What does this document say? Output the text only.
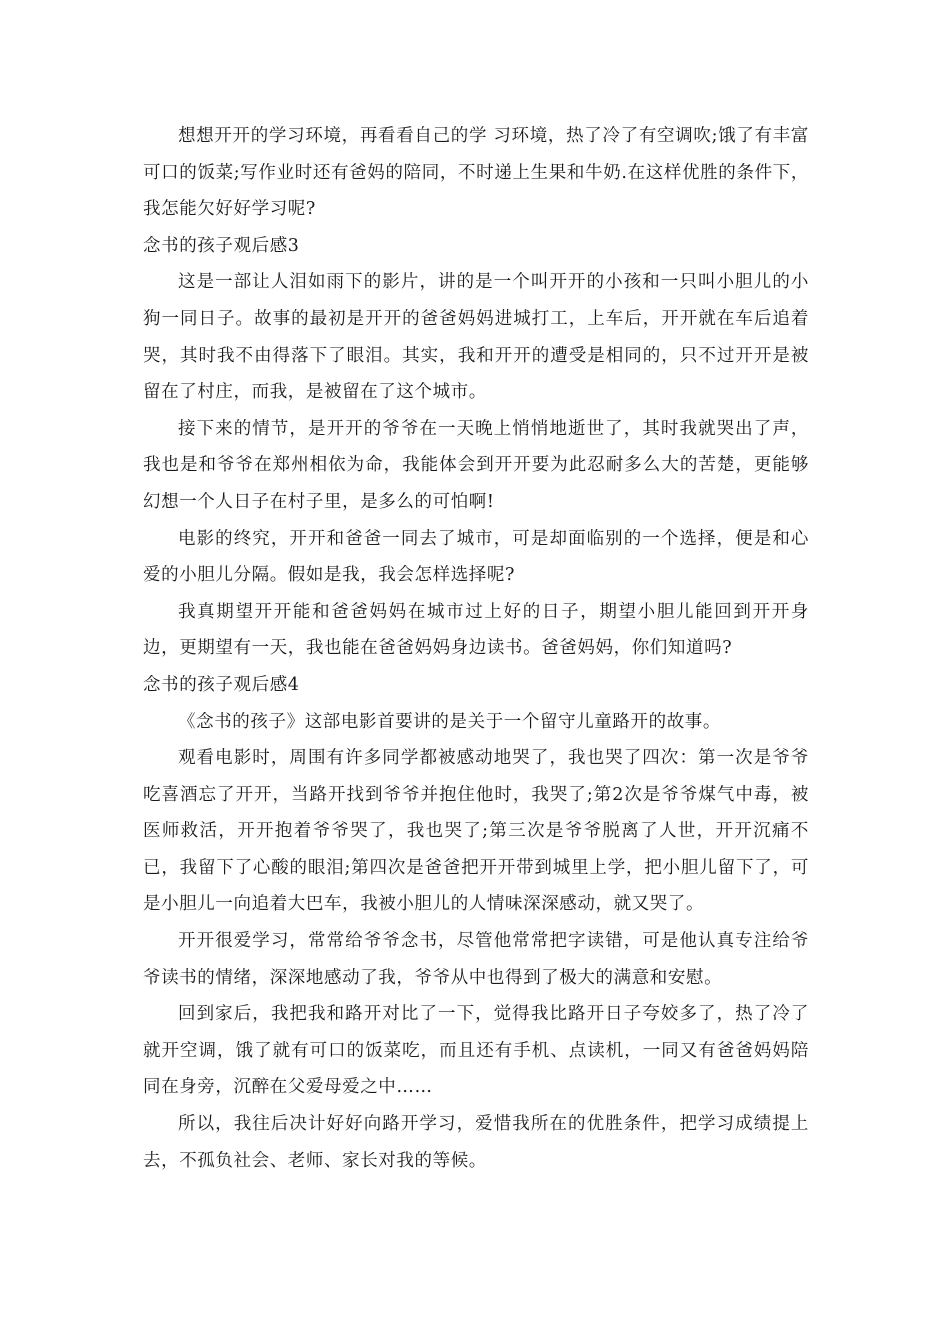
想想开开的学习环境，再看看自己的学 习环境，热了冷了有空调吹;饿了有丰富可口的饭菜;写作业时还有爸妈的陪同，不时递上生果和牛奶.在这样优胜的条件下，我怎能欠好好学习呢?

念书的孩子观后感3

这是一部让人泪如雨下的影片，讲的是一个叫开开的小孩和一只叫小胆儿的小狗一同日子。故事的最初是开开的爸爸妈妈进城打工，上车后，开开就在车后追着哭，其时我不由得落下了眼泪。其实，我和开开的遭受是相同的，只不过开开是被留在了村庄，而我，是被留在了这个城市。

接下来的情节，是开开的爷爷在一天晚上悄悄地逝世了，其时我就哭出了声，我也是和爷爷在郑州相依为命，我能体会到开开要为此忍耐多么大的苦楚，更能够幻想一个人日子在村子里，是多么的可怕啊!

电影的终究，开开和爸爸一同去了城市，可是却面临别的一个选择，便是和心爱的小胆儿分隔。假如是我，我会怎样选择呢?

我真期望开开能和爸爸妈妈在城市过上好的日子，期望小胆儿能回到开开身边，更期望有一天，我也能在爸爸妈妈身边读书。爸爸妈妈，你们知道吗?

念书的孩子观后感4

《念书的孩子》这部电影首要讲的是关于一个留守儿童路开的故事。

观看电影时，周围有许多同学都被感动地哭了，我也哭了四次：第一次是爷爷吃喜酒忘了开开，当路开找到爷爷并抱住他时，我哭了;第2次是爷爷煤气中毒，被医师救活，开开抱着爷爷哭了，我也哭了;第三次是爷爷脱离了人世，开开沉痛不已，我留下了心酸的眼泪;第四次是爸爸把开开带到城里上学，把小胆儿留下了，可是小胆儿一向追着大巴车，我被小胆儿的人情味深深感动，就又哭了。

开开很爱学习，常常给爷爷念书，尽管他常常把字读错，可是他认真专注给爷爷读书的情绪，深深地感动了我，爷爷从中也得到了极大的满意和安慰。

回到家后，我把我和路开对比了一下，觉得我比路开日子夸姣多了，热了冷了就开空调，饿了就有可口的饭菜吃，而且还有手机、点读机，一同又有爸爸妈妈陪同在身旁，沉醉在父爱母爱之中……

所以，我往后决计好好向路开学习，爱惜我所在的优胜条件，把学习成绩提上去，不孤负社会、老师、家长对我的等候。
